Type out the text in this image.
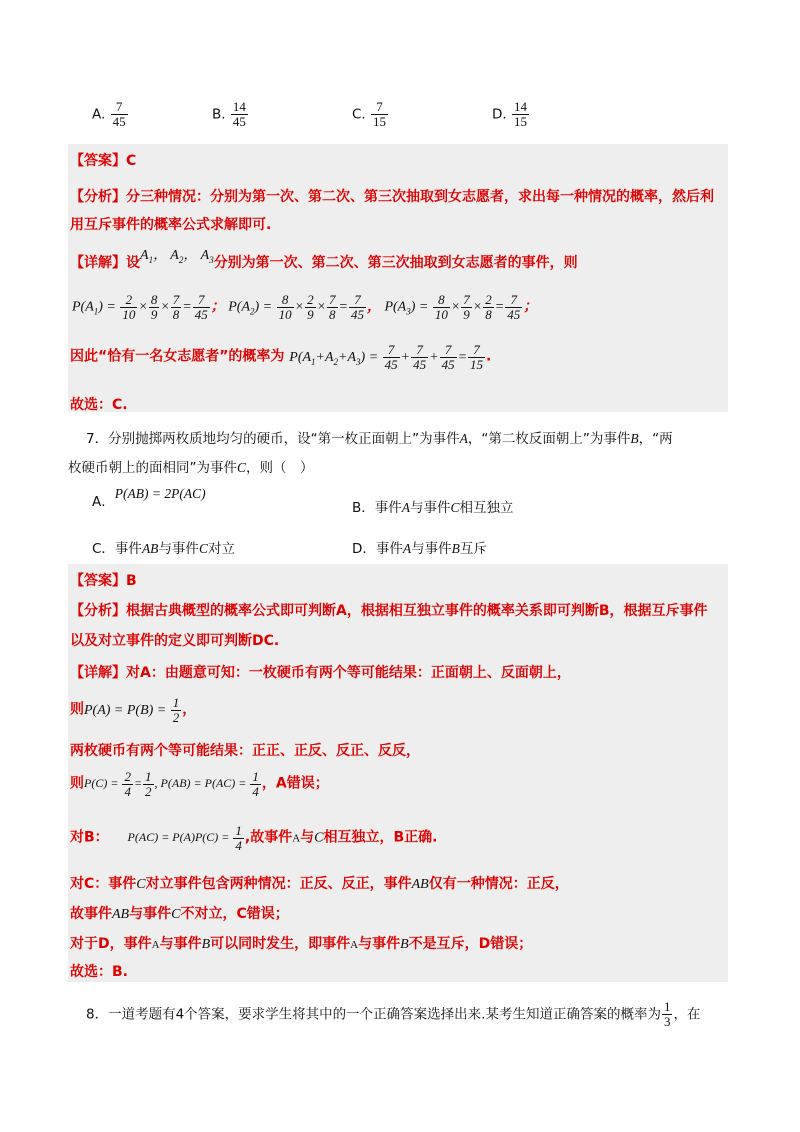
A. $\frac{7}{45}$	B. $\frac{14}{45}$	C. $\frac{7}{15}$	D. $\frac{14}{15}$
【答案】C
【分析】分三种情况：分别为第一次、第二次、第三次抽取到女志愿者，求出每一种情况的概率，然后利
用互斥事件的概率公式求解即可.
【详解】设$A_1$， $A_2$， $A_3$分别为第一次、第二次、第三次抽取到女志愿者的事件，则
$P(A_1) = \frac{2}{10} \times \frac{8}{9} \times \frac{7}{8} = \frac{7}{45}$ ； $P(A_2) = \frac{8}{10} \times \frac{2}{9} \times \frac{7}{8} = \frac{7}{45}$ ， $P(A_3) = \frac{8}{10} \times \frac{7}{9} \times \frac{2}{8} = \frac{7}{45}$ ；
因此“恰有一名女志愿者”的概率为 $P(A_1+A_2+A_3) = \frac{7}{45} + \frac{7}{45} + \frac{7}{45} = \frac{7}{15}$ .
故选：C.
7．分别抛掷两枚质地均匀的硬币，设“第一枚正面朝上”为事件A，“第二枚反面朝上”为事件B，“两
枚硬币朝上的面相同”为事件C，则（　）
A．P(AB) = 2P(AC)
B．事件A与事件C相互独立
C．事件AB与事件C对立	D．事件A与事件B互斥
【答案】B
【分析】根据古典概型的概率公式即可判断A，根据相互独立事件的概率关系即可判断B，根据互斥事件
以及对立事件的定义即可判断DC.
【详解】对A：由题意可知：一枚硬币有两个等可能结果：正面朝上、反面朝上，
则$P(A) = P(B) = \frac{1}{2}$ ，
两枚硬币有两个等可能结果：正正、正反、反正、反反，
则$P(C) = \frac{2}{4} = \frac{1}{2}$ , $P(AB) = P(AC) = \frac{1}{4}$ ，A错误；
对B： $P(AC) = P(A)P(C) = \frac{1}{4}$ ,故事件A与C相互独立，B正确.
对C：事件C对立事件包含两种情况：正反、反正，事件AB仅有一种情况：正反，
故事件AB与事件C不对立，C错误；
对于D，事件A与事件B可以同时发生，即事件A与事件B不是互斥，D错误；
故选：B.
8．一道考题有4个答案，要求学生将其中的一个正确答案选择出来.某考生知道正确答案的概率为 $\frac{1}{3}$ ，在
